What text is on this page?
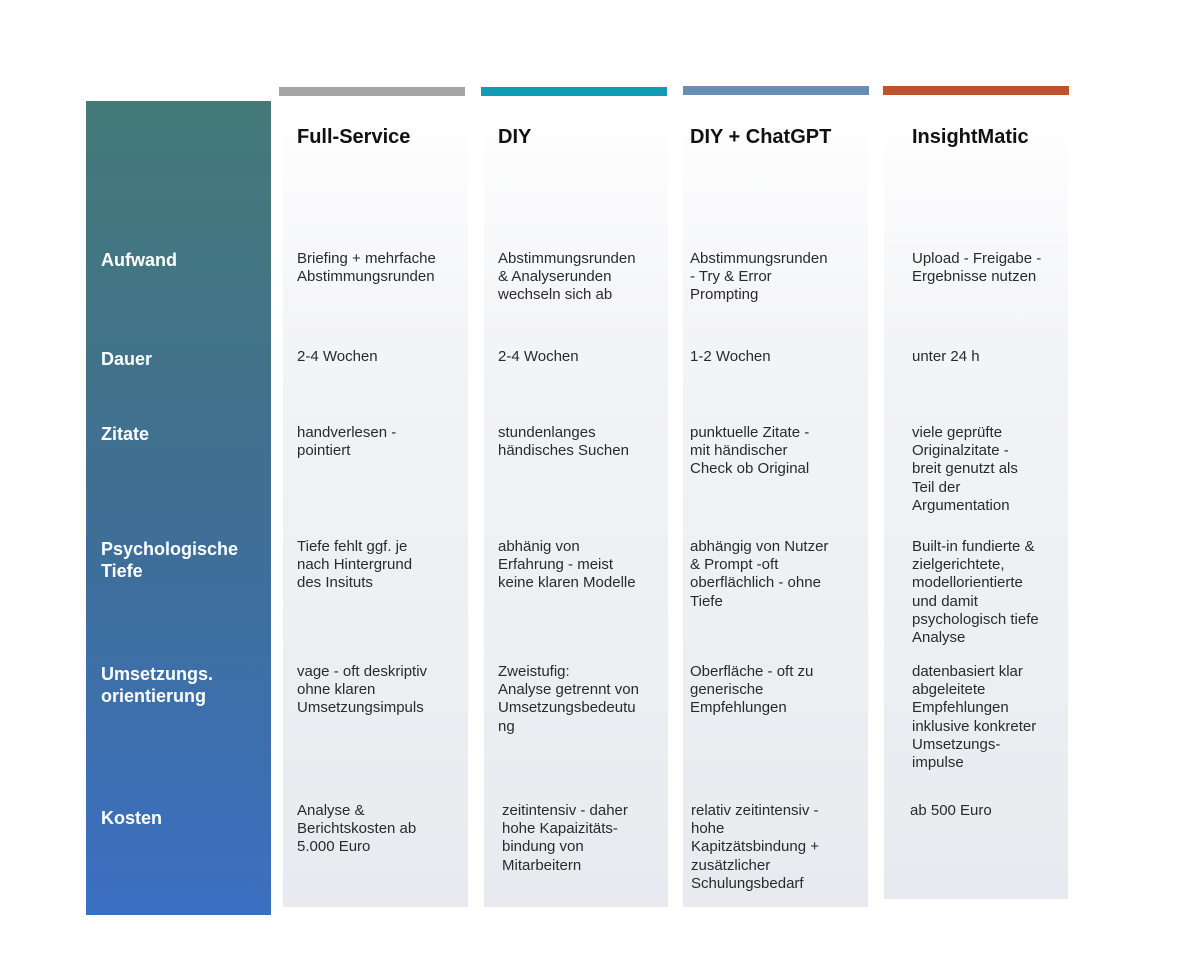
Aufwand
Dauer
Zitate
Psychologische
Tiefe
Umsetzungs.
orientierung
Kosten
Full-Service
Briefing + mehrfache
Abstimmungsrunden
2-4 Wochen
handverlesen -
pointiert
Tiefe fehlt ggf. je
nach Hintergrund
des Insituts
vage - oft deskriptiv
ohne klaren
Umsetzungsimpuls
Analyse &
Berichtskosten ab
5.000 Euro
DIY
Abstimmungsrunden
& Analyserunden
wechseln sich ab
2-4 Wochen
stundenlanges
händisches Suchen
abhänig von
Erfahrung - meist
keine klaren Modelle
Zweistufig:
Analyse getrennt von
Umsetzungsbedeutu
ng
zeitintensiv - daher
hohe Kapaizitäts-
bindung von
Mitarbeitern
DIY + ChatGPT
Abstimmungsrunden
- Try & Error
Prompting
1-2 Wochen
punktuelle Zitate -
mit händischer
Check ob Original
abhängig von Nutzer
& Prompt -oft
oberflächlich - ohne
Tiefe
Oberfläche - oft zu
generische
Empfehlungen
relativ zeitintensiv -
hohe
Kapitzätsbindung +
zusätzlicher
Schulungsbedarf
InsightMatic
Upload - Freigabe -
Ergebnisse nutzen
unter 24 h
viele geprüfte
Originalzitate -
breit genutzt als
Teil der
Argumentation
Built-in fundierte &
zielgerichtete,
modellorientierte
und damit
psychologisch tiefe
Analyse
datenbasiert klar
abgeleitete
Empfehlungen
inklusive konkreter
Umsetzungs-
impulse
ab 500 Euro
